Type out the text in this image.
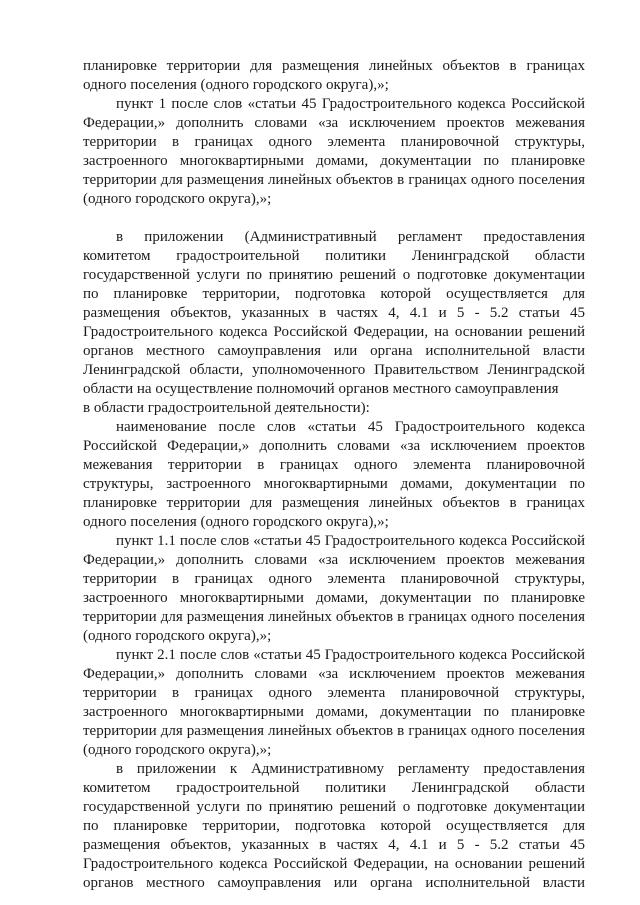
планировке территории для размещения линейных объектов в границах
одного поселения (одного городского округа),»;
пункт 1 после слов «статьи 45 Градостроительного кодекса Российской
Федерации,» дополнить словами «за исключением проектов межевания
территории в границах одного элемента планировочной структуры,
застроенного многоквартирными домами, документации по планировке
территории для размещения линейных объектов в границах одного поселения
(одного городского округа),»;
в приложении (Административный регламент предоставления
комитетом градостроительной политики Ленинградской области
государственной услуги по принятию решений о подготовке документации
по планировке территории, подготовка которой осуществляется для
размещения объектов, указанных в частях 4, 4.1 и 5 - 5.2 статьи 45
Градостроительного кодекса Российской Федерации, на основании решений
органов местного самоуправления или органа исполнительной власти
Ленинградской области, уполномоченного Правительством Ленинградской
области на осуществление полномочий органов местного самоуправления
в области градостроительной деятельности):
наименование после слов «статьи 45 Градостроительного кодекса
Российской Федерации,» дополнить словами «за исключением проектов
межевания территории в границах одного элемента планировочной
структуры, застроенного многоквартирными домами, документации по
планировке территории для размещения линейных объектов в границах
одного поселения (одного городского округа),»;
пункт 1.1 после слов «статьи 45 Градостроительного кодекса Российской
Федерации,» дополнить словами «за исключением проектов межевания
территории в границах одного элемента планировочной структуры,
застроенного многоквартирными домами, документации по планировке
территории для размещения линейных объектов в границах одного поселения
(одного городского округа),»;
пункт 2.1 после слов «статьи 45 Градостроительного кодекса Российской
Федерации,» дополнить словами «за исключением проектов межевания
территории в границах одного элемента планировочной структуры,
застроенного многоквартирными домами, документации по планировке
территории для размещения линейных объектов в границах одного поселения
(одного городского округа),»;
в приложении к Административному регламенту предоставления
комитетом градостроительной политики Ленинградской области
государственной услуги по принятию решений о подготовке документации
по планировке территории, подготовка которой осуществляется для
размещения объектов, указанных в частях 4, 4.1 и 5 - 5.2 статьи 45
Градостроительного кодекса Российской Федерации, на основании решений
органов местного самоуправления или органа исполнительной власти
